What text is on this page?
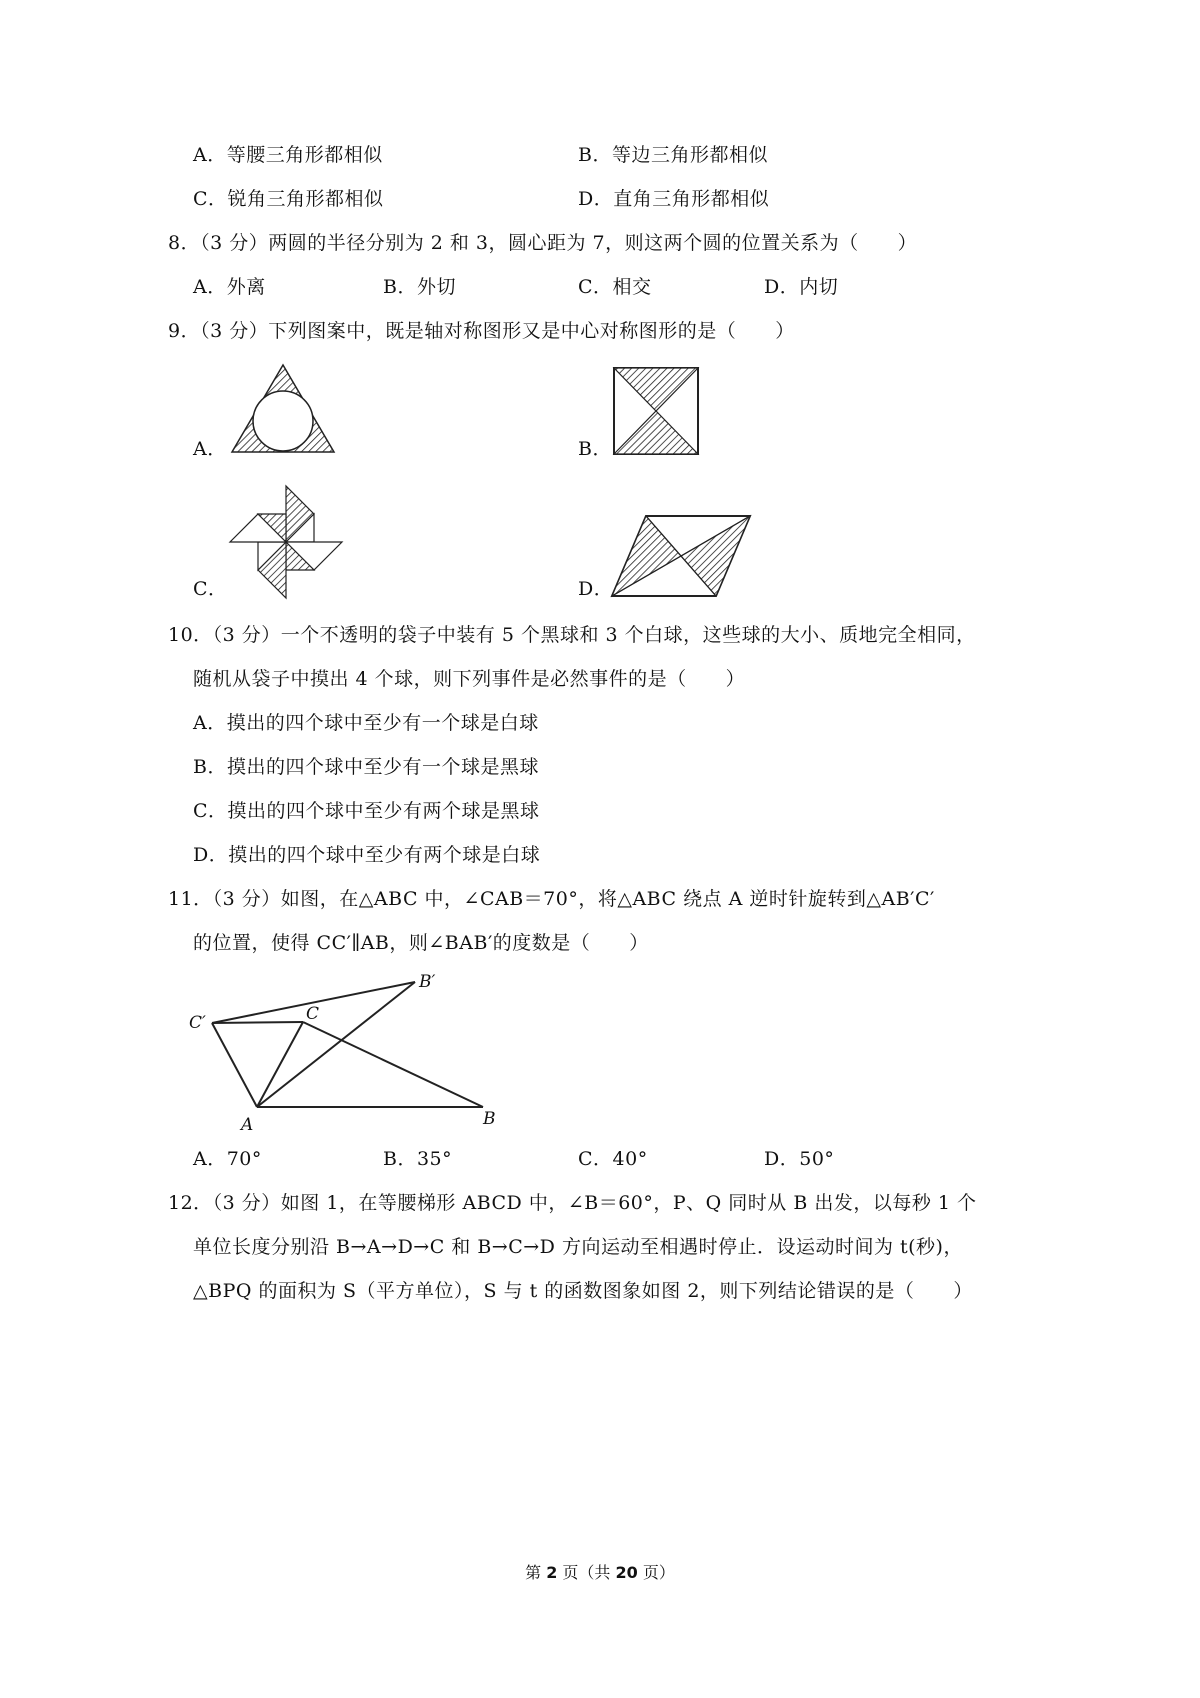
A．等腰三角形都相似	B．等边三角形都相似
C．锐角三角形都相似	D．直角三角形都相似
8．（3 分）两圆的半径分别为 2 和 3，圆心距为 7，则这两个圆的位置关系为（　　）
A．外离	B．外切	C．相交	D．内切
9．（3 分）下列图案中，既是轴对称图形又是中心对称图形的是（　　）
A．	B．
C．	D．
10．（3 分）一个不透明的袋子中装有 5 个黑球和 3 个白球，这些球的大小、质地完全相同，
随机从袋子中摸出 4 个球，则下列事件是必然事件的是（　　）
A．摸出的四个球中至少有一个球是白球
B．摸出的四个球中至少有一个球是黑球
C．摸出的四个球中至少有两个球是黑球
D．摸出的四个球中至少有两个球是白球
11．（3 分）如图，在△ABC 中，∠CAB＝70°，将△ABC 绕点 A 逆时针旋转到△AB′C′
的位置，使得 CC′∥AB，则∠BAB′的度数是（　　）
C′	C
B′
A	B
A．70°	B．35°	C．40°	D．50°
12．（3 分）如图 1，在等腰梯形 ABCD 中，∠B＝60°，P、Q 同时从 B 出发，以每秒 1 个
单位长度分别沿 B→A→D→C 和 B→C→D 方向运动至相遇时停止．设运动时间为 t(秒)，
△BPQ 的面积为 S（平方单位），S 与 t 的函数图象如图 2，则下列结论错误的是（　　）
第 2 页（共 20 页）
